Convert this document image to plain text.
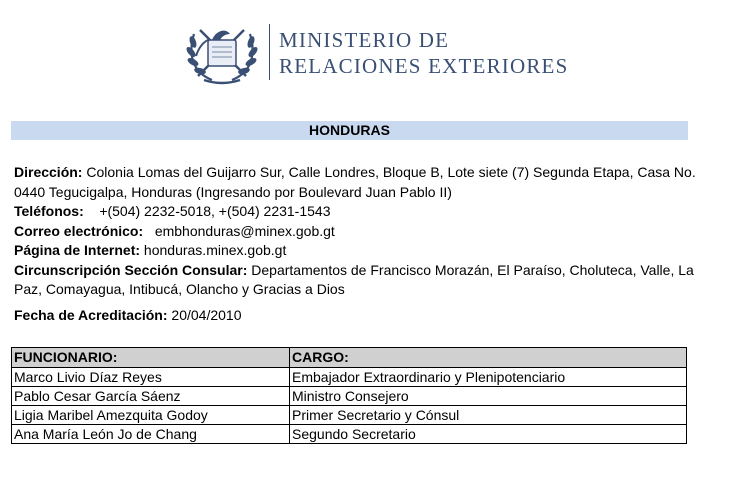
MINISTERIO DE
RELACIONES EXTERIORES
HONDURAS

Dirección: Colonia Lomas del Guijarro Sur, Calle Londres, Bloque B, Lote siete (7) Segunda Etapa, Casa No. 0440 Tegucigalpa, Honduras (Ingresando por Boulevard Juan Pablo II)

Teléfonos: +(504) 2232-5018, +(504) 2231-1543

Correo electrónico: embhonduras@minex.gob.gt

Página de Internet: honduras.minex.gob.gt

Circunscripción Sección Consular: Departamentos de Francisco Morazán, El Paraíso, Choluteca, Valle, La Paz, Comayagua, Intibucá, Olancho y Gracias a Dios

Fecha de Acreditación: 20/04/2010

FUNCIONARIO:	CARGO:
Marco Livio Díaz Reyes	Embajador Extraordinario y Plenipotenciario
Pablo Cesar García Sáenz	Ministro Consejero
Ligia Maribel Amezquita Godoy	Primer Secretario y Cónsul
Ana María León Jo de Chang	Segundo Secretario
